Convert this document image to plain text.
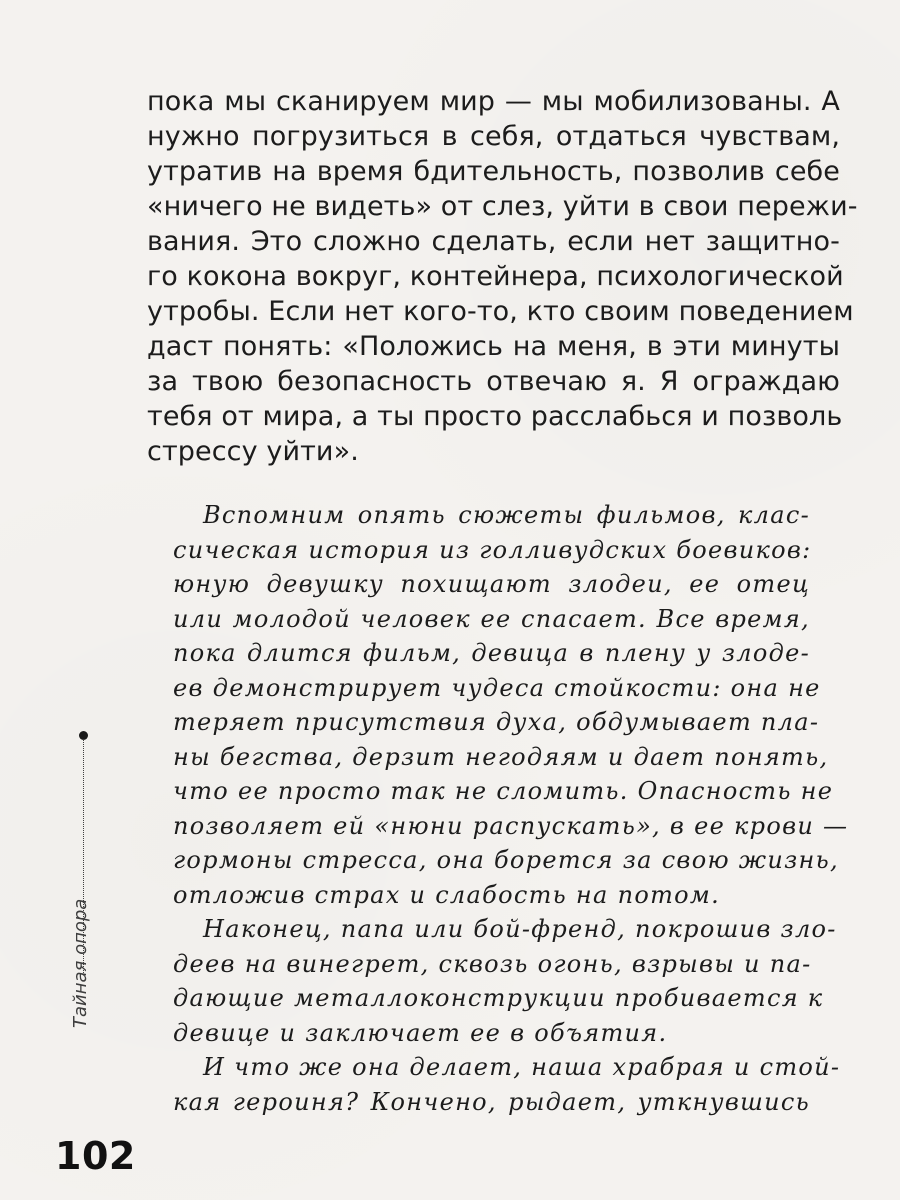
пока мы сканируем мир — мы мобилизованы. А
нужно погрузиться в себя, отдаться чувствам,
утратив на время бдительность, позволив себе
«ничего не видеть» от слез, уйти в свои пережи-
вания. Это сложно сделать, если нет защитно-
го кокона вокруг, контейнера, психологической
утробы. Если нет кого-то, кто своим поведением
даст понять: «Положись на меня, в эти минуты
за твою безопасность отвечаю я. Я ограждаю
тебя от мира, а ты просто расслабься и позволь
стрессу уйти».
Вспомним опять сюжеты фильмов, клас-
сическая история из голливудских боевиков:
юную девушку похищают злодеи, ее отец
или молодой человек ее спасает. Все время,
пока длится фильм, девица в плену у злоде-
ев демонстрирует чудеса стойкости: она не
теряет присутствия духа, обдумывает пла-
ны бегства, дерзит негодяям и дает понять,
что ее просто так не сломить. Опасность не
позволяет ей «нюни распускать», в ее крови —
гормоны стресса, она борется за свою жизнь,
отложив страх и слабость на потом.
Наконец, папа или бой-френд, покрошив зло-
деев на винегрет, сквозь огонь, взрывы и па-
дающие металлоконструкции пробивается к
девице и заключает ее в объятия.
И что же она делает, наша храбрая и стой-
кая героиня? Кончено, рыдает, уткнувшись
Тайная опора
102
